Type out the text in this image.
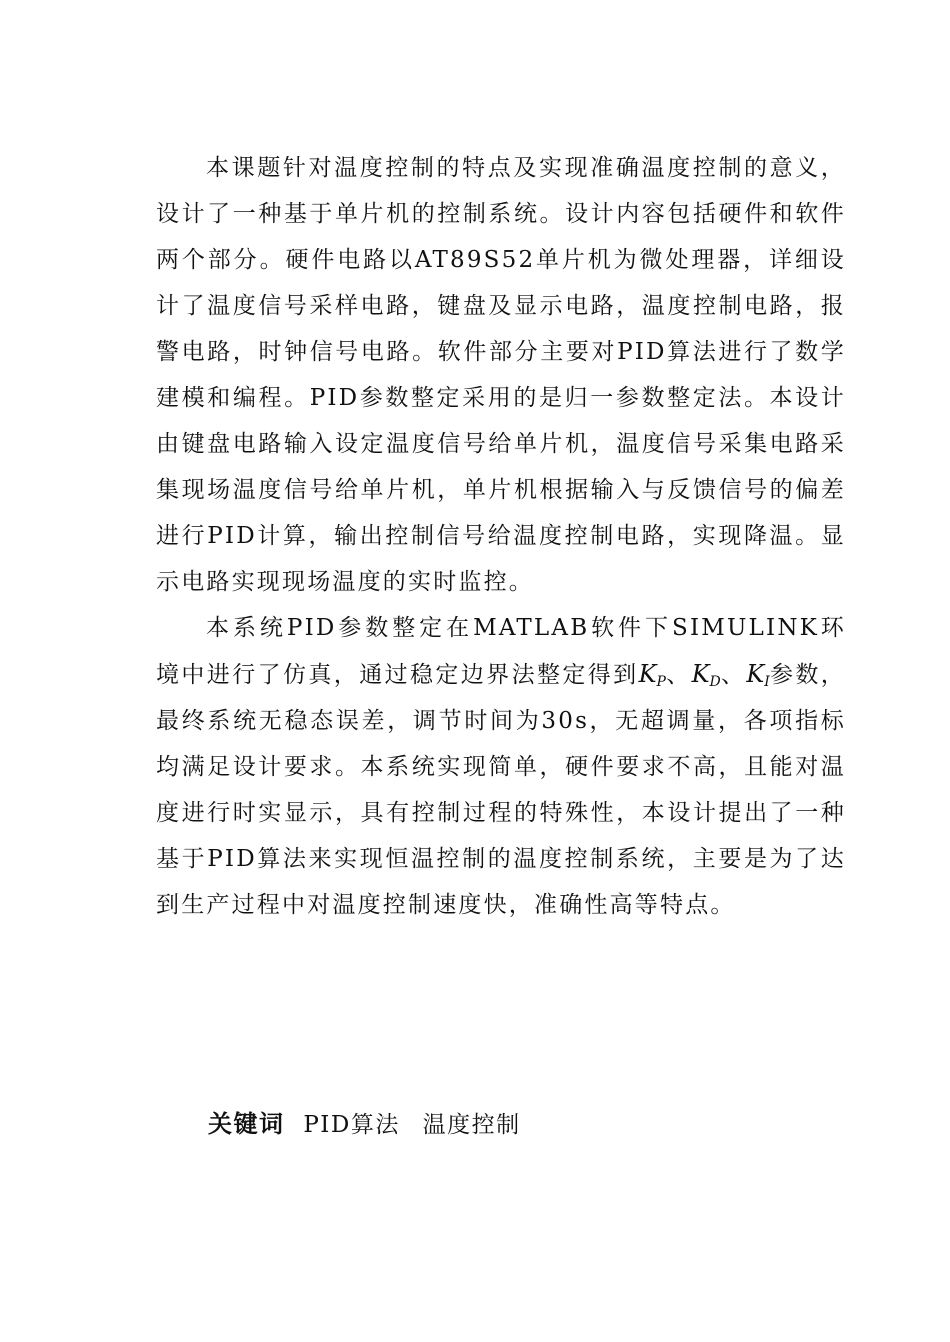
本课题针对温度控制的特点及实现准确温度控制的意义，设计了一种基于单片机的控制系统。设计内容包括硬件和软件两个部分。硬件电路以AT89S52单片机为微处理器，详细设计了温度信号采样电路，键盘及显示电路，温度控制电路，报警电路，时钟信号电路。软件部分主要对PID算法进行了数学建模和编程。PID参数整定采用的是归一参数整定法。本设计由键盘电路输入设定温度信号给单片机，温度信号采集电路采集现场温度信号给单片机，单片机根据输入与反馈信号的偏差进行PID计算，输出控制信号给温度控制电路，实现降温。显示电路实现现场温度的实时监控。

本系统PID参数整定在MATLAB软件下SIMULINK环境中进行了仿真，通过稳定边界法整定得到$K_P$、$K_D$、$K_I$参数，最终系统无稳态误差，调节时间为30s，无超调量，各项指标均满足设计要求。本系统实现简单，硬件要求不高，且能对温度进行时实显示，具有控制过程的特殊性，本设计提出了一种基于PID算法来实现恒温控制的温度控制系统，主要是为了达到生产过程中对温度控制速度快，准确性高等特点。

关键词 PID算法 温度控制
